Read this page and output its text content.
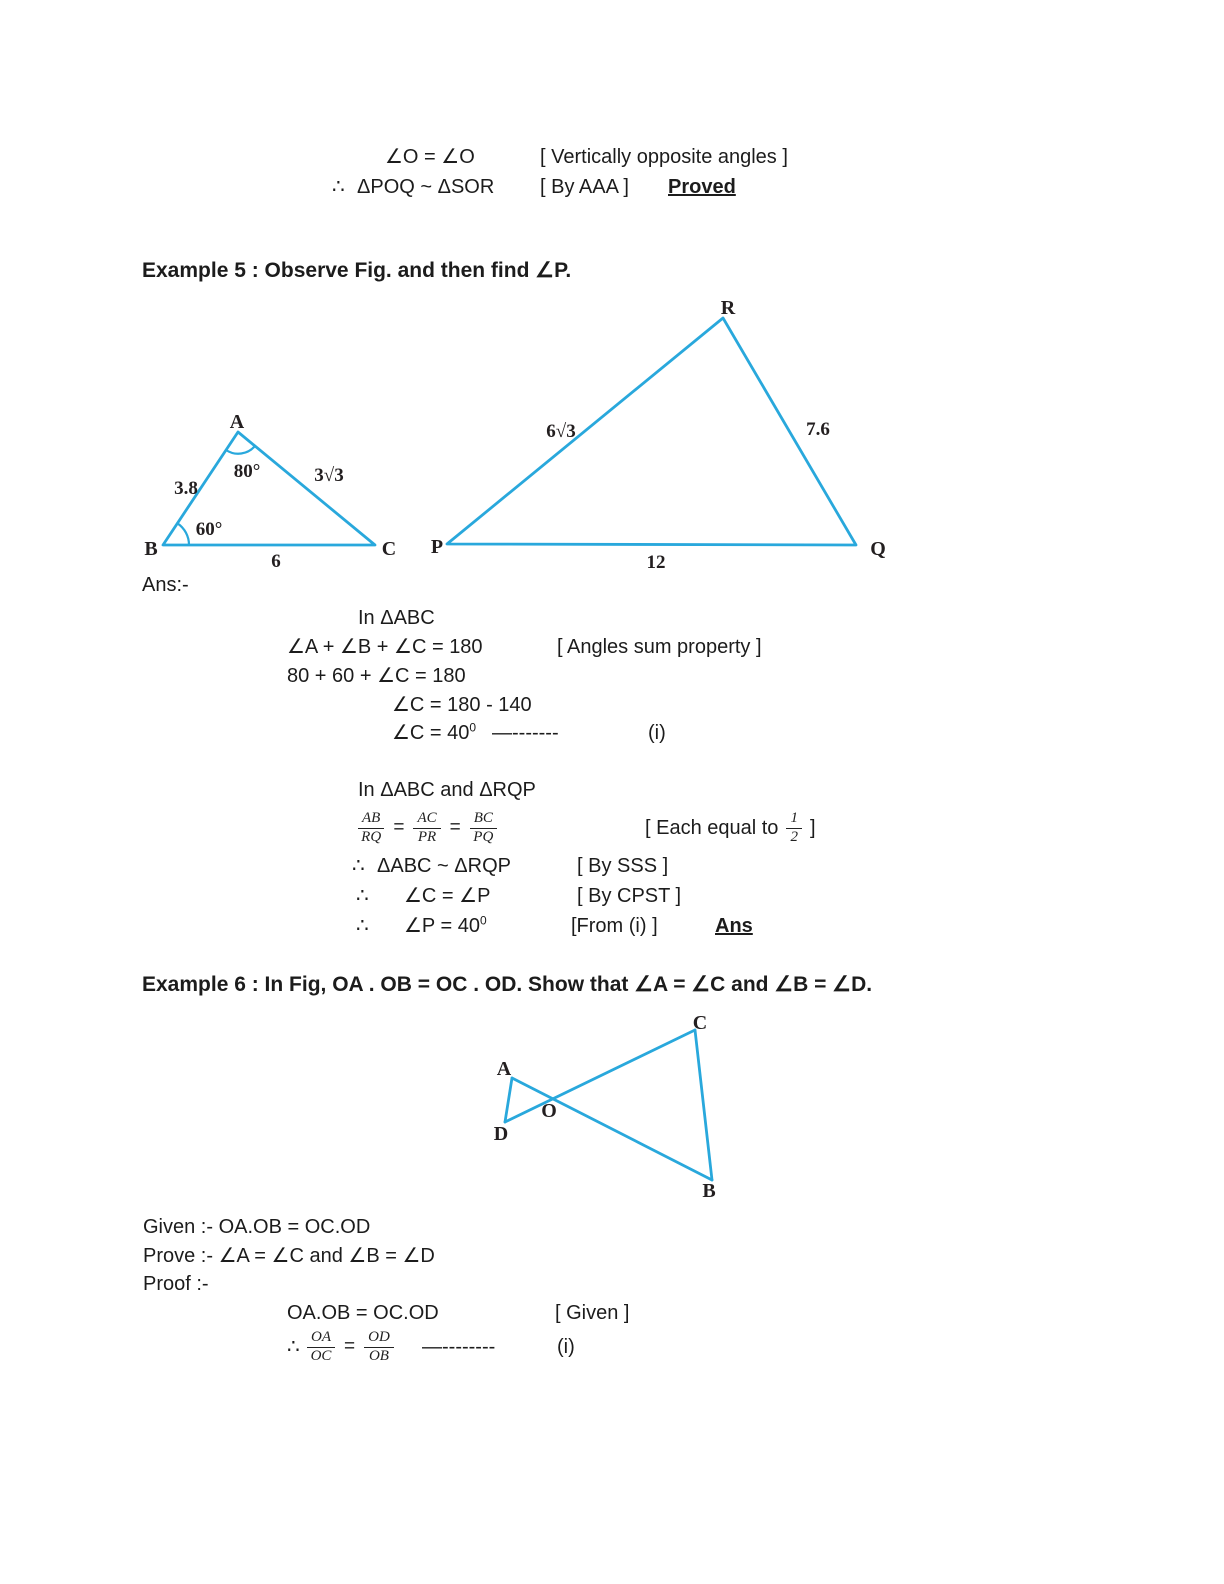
∠O = ∠O	[ Vertically opposite angles ]
∴ ΔPOQ ~ ΔSOR [ By AAA ] Proved
Example 5 : Observe Fig. and then find ∠P.
A
B	C
3.8
80°	3√3
60°
6
R
P	Q
6√3	7.6
12
Ans:-
In ΔABC
∠A + ∠B + ∠C = 180	[ Angles sum property ]
80 + 60 + ∠C = 180
∠C = 180 - 140
∠C = $40^0$ —-------	(i)
In ΔABC and ΔRQP
$\frac{AB}{RQ} = \frac{AC}{PR} = \frac{BC}{PQ}$	[ Each equal to $\frac{1}{2}$ ]
∴ ΔABC ~ ΔRQP	[ By SSS ]
∴ ∠C = ∠P	[ By CPST ]
∴ ∠P = $40^0$	[From (i) ]	Ans
Example 6 : In Fig, OA . OB = OC . OD. Show that ∠A = ∠C and ∠B = ∠D.
A
D
O
C
B
Given :- OA.OB = OC.OD
Prove :- ∠A = ∠C and ∠B = ∠D
Proof :-
OA.OB = OC.OD	[ Given ]
∴ $\frac{OA}{OC} = \frac{OD}{OB}$ —--------	(i)
